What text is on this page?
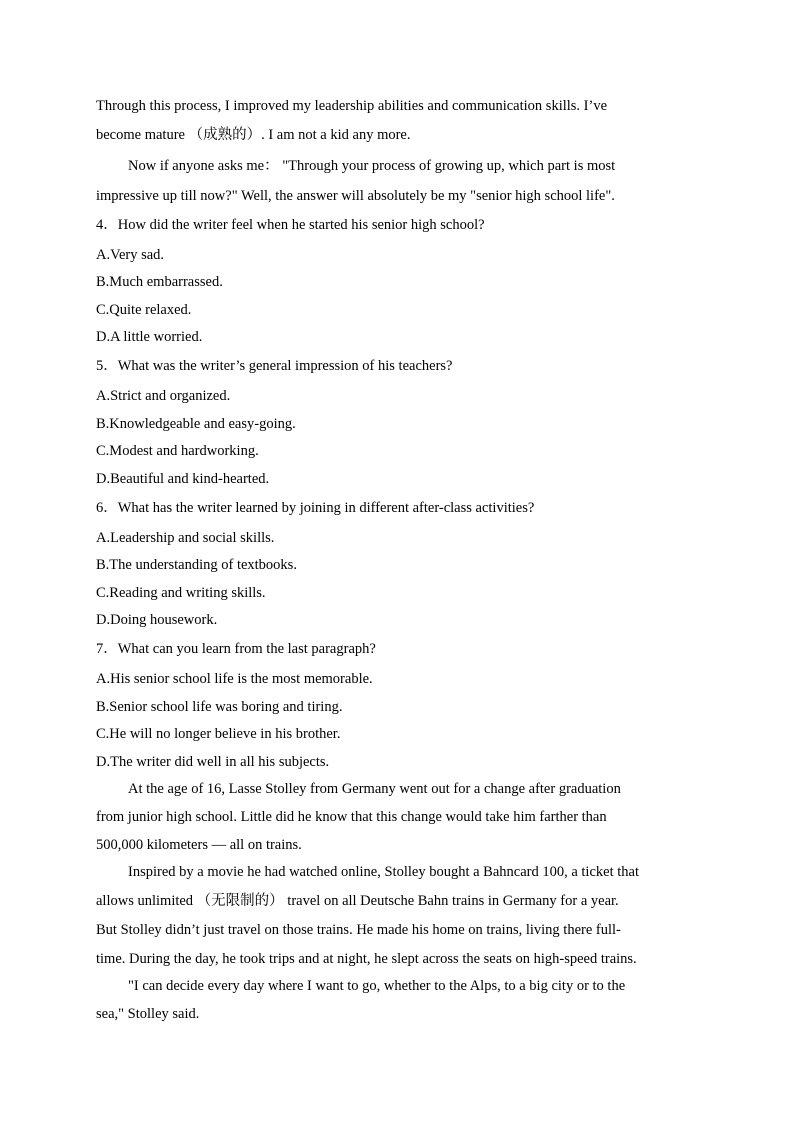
Through this process, I improved my leadership abilities and communication skills. I’ve
become mature （成熟的）. I am not a kid any more.
Now if anyone asks me： "Through your process of growing up, which part is most
impressive up till now?" Well, the answer will absolutely be my "senior high school life".
4．How did the writer feel when he started his senior high school?
A.Very sad.
B.Much embarrassed.
C.Quite relaxed.
D.A little worried.
5．What was the writer’s general impression of his teachers?
A.Strict and organized.
B.Knowledgeable and easy-going.
C.Modest and hardworking.
D.Beautiful and kind-hearted.
6．What has the writer learned by joining in different after-class activities?
A.Leadership and social skills.
B.The understanding of textbooks.
C.Reading and writing skills.
D.Doing housework.
7．What can you learn from the last paragraph?
A.His senior school life is the most memorable.
B.Senior school life was boring and tiring.
C.He will no longer believe in his brother.
D.The writer did well in all his subjects.
At the age of 16, Lasse Stolley from Germany went out for a change after graduation
from junior high school. Little did he know that this change would take him farther than
500,000 kilometers — all on trains.
Inspired by a movie he had watched online, Stolley bought a Bahncard 100, a ticket that
allows unlimited （无限制的） travel on all Deutsche Bahn trains in Germany for a year.
But Stolley didn’t just travel on those trains. He made his home on trains, living there full-
time. During the day, he took trips and at night, he slept across the seats on high-speed trains.
"I can decide every day where I want to go, whether to the Alps, to a big city or to the
sea," Stolley said.
